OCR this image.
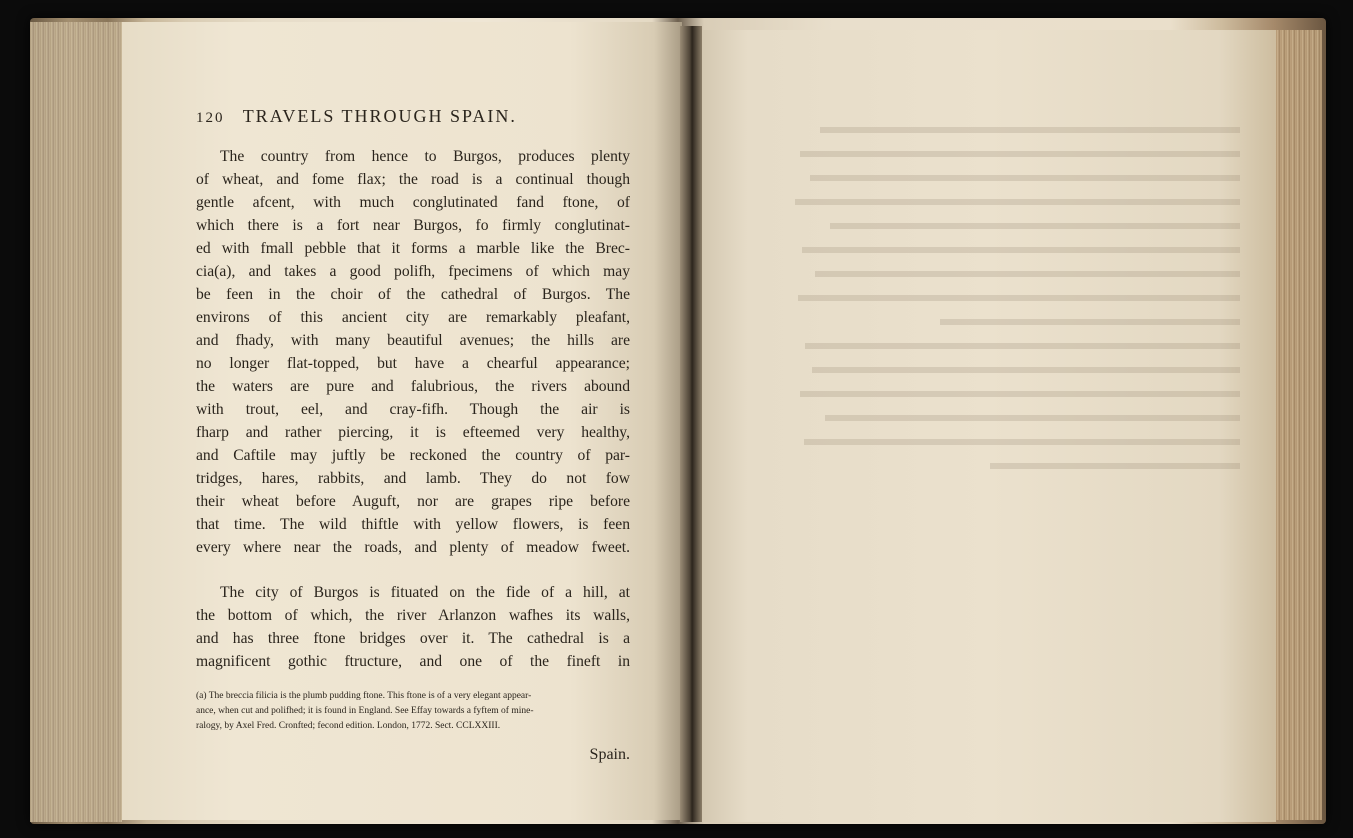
120 TRAVELS THROUGH SPAIN.
The country from hence to Burgos, produces plenty
of wheat, and fome flax; the road is a continual though
gentle afcent, with much conglutinated fand ftone, of
which there is a fort near Burgos, fo firmly conglutinat-
ed with fmall pebble that it forms a marble like the Brec-
cia(a), and takes a good polifh, fpecimens of which may
be feen in the choir of the cathedral of Burgos. The
environs of this ancient city are remarkably pleafant,
and fhady, with many beautiful avenues; the hills are
no longer flat-topped, but have a chearful appearance;
the waters are pure and falubrious, the rivers abound
with trout, eel, and cray-fifh. Though the air is
fharp and rather piercing, it is efteemed very healthy,
and Caftile may juftly be reckoned the country of par-
tridges, hares, rabbits, and lamb. They do not fow
their wheat before Auguft, nor are grapes ripe before
that time. The wild thiftle with yellow flowers, is feen
every where near the roads, and plenty of meadow fweet.
The city of Burgos is fituated on the fide of a hill, at
the bottom of which, the river Arlanzon wafhes its walls,
and has three ftone bridges over it. The cathedral is a
magnificent gothic ftructure, and one of the fineft in
(a) The breccia filicia is the plumb pudding ftone. This ftone is of a very elegant appear-
ance, when cut and polifhed; it is found in England. See Effay towards a fyftem of mine-
ralogy, by Axel Fred. Cronfted; fecond edition. London, 1772. Sect. CCLXXIII.
Spain.
